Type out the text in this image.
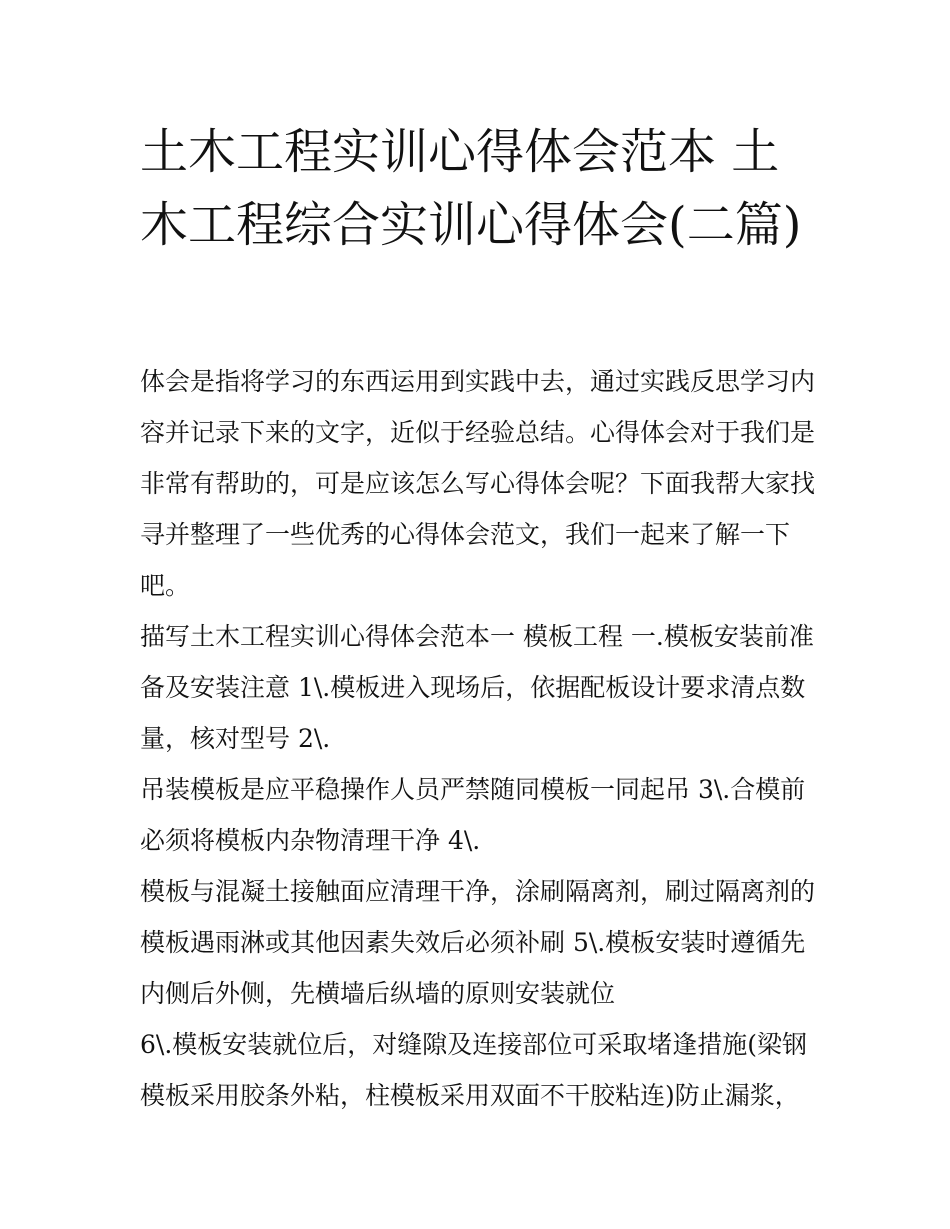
土木工程实训心得体会范本 土木工程综合实训心得体会(二篇)

体会是指将学习的东西运用到实践中去，通过实践反思学习内容并记录下来的文字，近似于经验总结。心得体会对于我们是非常有帮助的，可是应该怎么写心得体会呢？下面我帮大家找寻并整理了一些优秀的心得体会范文，我们一起来了解一下吧。

描写土木工程实训心得体会范本一 模板工程 一.模板安装前准备及安装注意 1\.模板进入现场后，依据配板设计要求清点数量，核对型号 2\.

吊装模板是应平稳操作人员严禁随同模板一同起吊 3\.合模前必须将模板内杂物清理干净 4\.

模板与混凝土接触面应清理干净，涂刷隔离剂，刷过隔离剂的模板遇雨淋或其他因素失效后必须补刷 5\.模板安装时遵循先内侧后外侧，先横墙后纵墙的原则安装就位

6\.模板安装就位后，对缝隙及连接部位可采取堵逢措施(梁钢模板采用胶条外粘，柱模板采用双面不干胶粘连)防止漏浆，
